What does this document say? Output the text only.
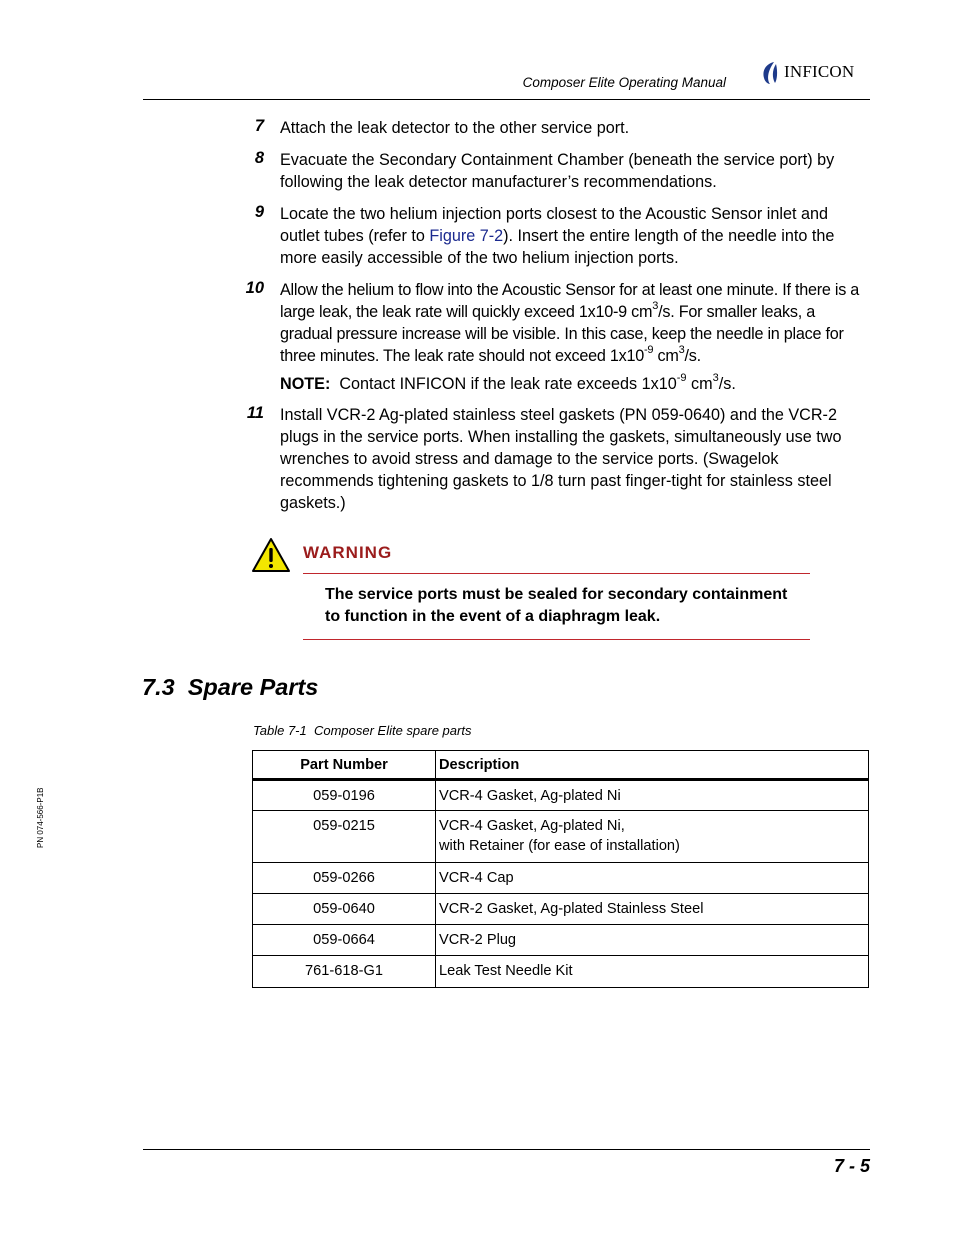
Composer Elite Operating Manual
INFICON
PN 074-566-P1B
7 Attach the leak detector to the other service port.
8 Evacuate the Secondary Containment Chamber (beneath the service port) by following the leak detector manufacturer’s recommendations.
9 Locate the two helium injection ports closest to the Acoustic Sensor inlet and outlet tubes (refer to Figure 7-2). Insert the entire length of the needle into the more easily accessible of the two helium injection ports.
10 Allow the helium to flow into the Acoustic Sensor for at least one minute. If there is a large leak, the leak rate will quickly exceed 1x10-9 $cm^3/s$. For smaller leaks, a gradual pressure increase will be visible. In this case, keep the needle in place for three minutes. The leak rate should not exceed $1x10^{-9}$ $cm^3/s$.
NOTE: Contact INFICON if the leak rate exceeds $1x10^{-9}$ $cm^3/s$.
11 Install VCR-2 Ag-plated stainless steel gaskets (PN 059-0640) and the VCR-2 plugs in the service ports. When installing the gaskets, simultaneously use two wrenches to avoid stress and damage to the service ports. (Swagelok recommends tightening gaskets to 1/8 turn past finger-tight for stainless steel gaskets.)
WARNING
The service ports must be sealed for secondary containment to function in the event of a diaphragm leak.
7.3  Spare Parts
Table 7-1  Composer Elite spare parts
Part Number	Description
059-0196	VCR-4 Gasket, Ag-plated Ni

059-0215	VCR-4 Gasket, Ag-plated Ni,
with Retainer (for ease of installation)

059-0266	VCR-4 Cap

059-0640	VCR-2 Gasket, Ag-plated Stainless Steel

059-0664	VCR-2 Plug

761-618-G1	Leak Test Needle Kit
7 - 5
